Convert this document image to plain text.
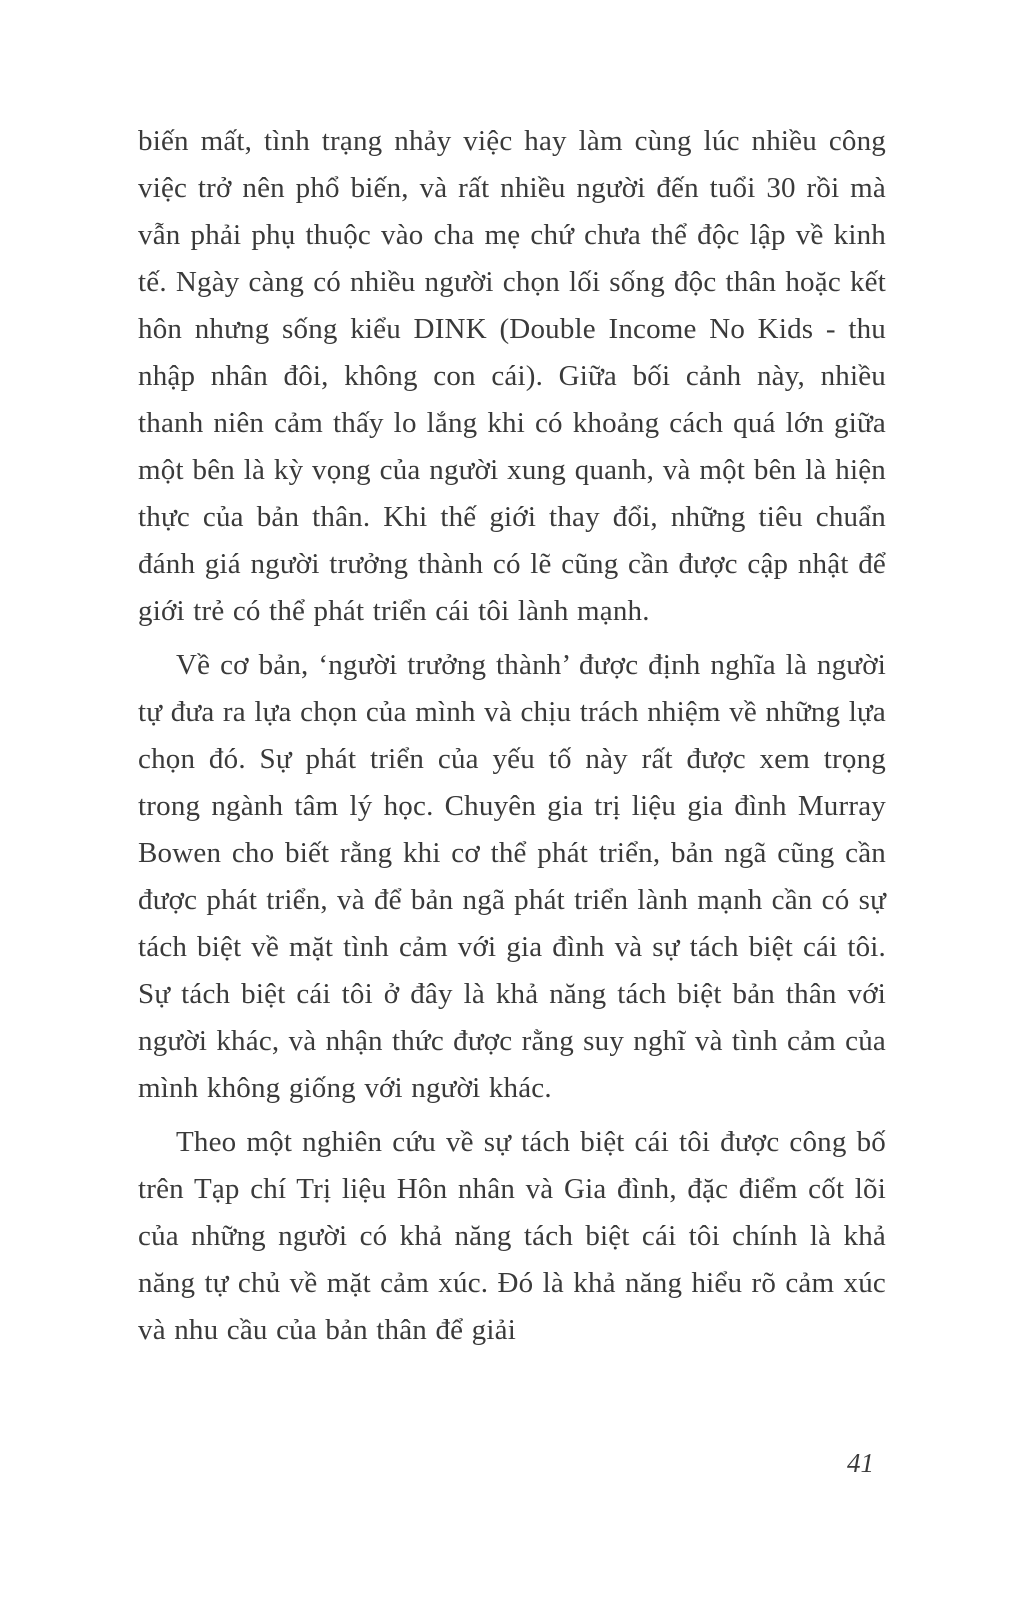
biến mất, tình trạng nhảy việc hay làm cùng lúc nhiều công việc trở nên phổ biến, và rất nhiều người đến tuổi 30 rồi mà vẫn phải phụ thuộc vào cha mẹ chứ chưa thể độc lập về kinh tế. Ngày càng có nhiều người chọn lối sống độc thân hoặc kết hôn nhưng sống kiểu DINK (Double Income No Kids - thu nhập nhân đôi, không con cái). Giữa bối cảnh này, nhiều thanh niên cảm thấy lo lắng khi có khoảng cách quá lớn giữa một bên là kỳ vọng của người xung quanh, và một bên là hiện thực của bản thân. Khi thế giới thay đổi, những tiêu chuẩn đánh giá người trưởng thành có lẽ cũng cần được cập nhật để giới trẻ có thể phát triển cái tôi lành mạnh.

Về cơ bản, ‘người trưởng thành’ được định nghĩa là người tự đưa ra lựa chọn của mình và chịu trách nhiệm về những lựa chọn đó. Sự phát triển của yếu tố này rất được xem trọng trong ngành tâm lý học. Chuyên gia trị liệu gia đình Murray Bowen cho biết rằng khi cơ thể phát triển, bản ngã cũng cần được phát triển, và để bản ngã phát triển lành mạnh cần có sự tách biệt về mặt tình cảm với gia đình và sự tách biệt cái tôi. Sự tách biệt cái tôi ở đây là khả năng tách biệt bản thân với người khác, và nhận thức được rằng suy nghĩ và tình cảm của mình không giống với người khác.

Theo một nghiên cứu về sự tách biệt cái tôi được công bố trên Tạp chí Trị liệu Hôn nhân và Gia đình, đặc điểm cốt lõi của những người có khả năng tách biệt cái tôi chính là khả năng tự chủ về mặt cảm xúc. Đó là khả năng hiểu rõ cảm xúc và nhu cầu của bản thân để giải

41
